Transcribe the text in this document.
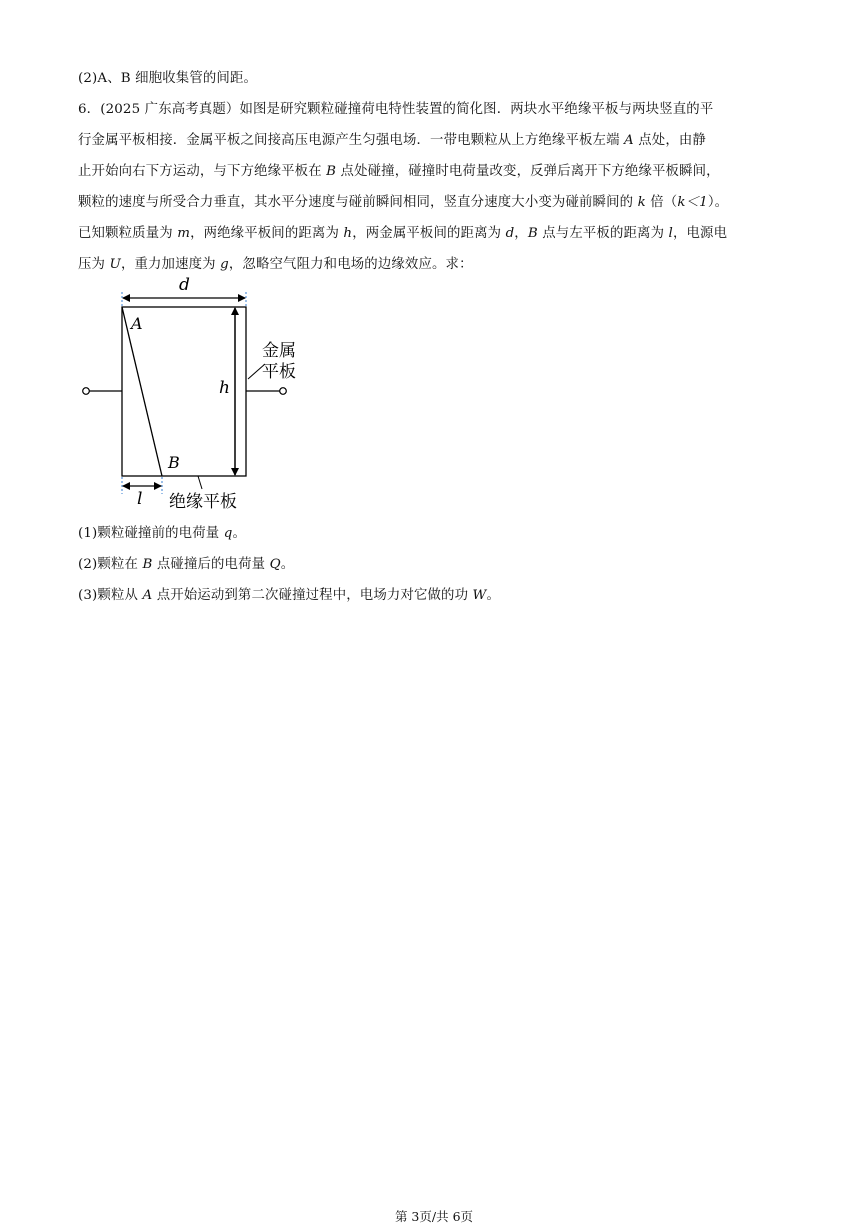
(2)A、B 细胞收集管的间距。
6．(2025 广东高考真题）如图是研究颗粒碰撞荷电特性装置的简化图．两块水平绝缘平板与两块竖直的平
行金属平板相接．金属平板之间接高压电源产生匀强电场．一带电颗粒从上方绝缘平板左端 A 点处，由静
止开始向右下方运动，与下方绝缘平板在 B 点处碰撞，碰撞时电荷量改变，反弹后离开下方绝缘平板瞬间，
颗粒的速度与所受合力垂直，其水平分速度与碰前瞬间相同，竖直分速度大小变为碰前瞬间的 k 倍（k＜1）。
已知颗粒质量为 m，两绝缘平板间的距离为 h，两金属平板间的距离为 d，B 点与左平板的距离为 l，电源电
压为 U，重力加速度为 g，忽略空气阻力和电场的边缘效应。求：
d
A
B
h
金属
平板
l 绝缘平板
(1)颗粒碰撞前的电荷量 q。
(2)颗粒在 B 点碰撞后的电荷量 Q。
(3)颗粒从 A 点开始运动到第二次碰撞过程中，电场力对它做的功 W。
第 3页/共 6页
